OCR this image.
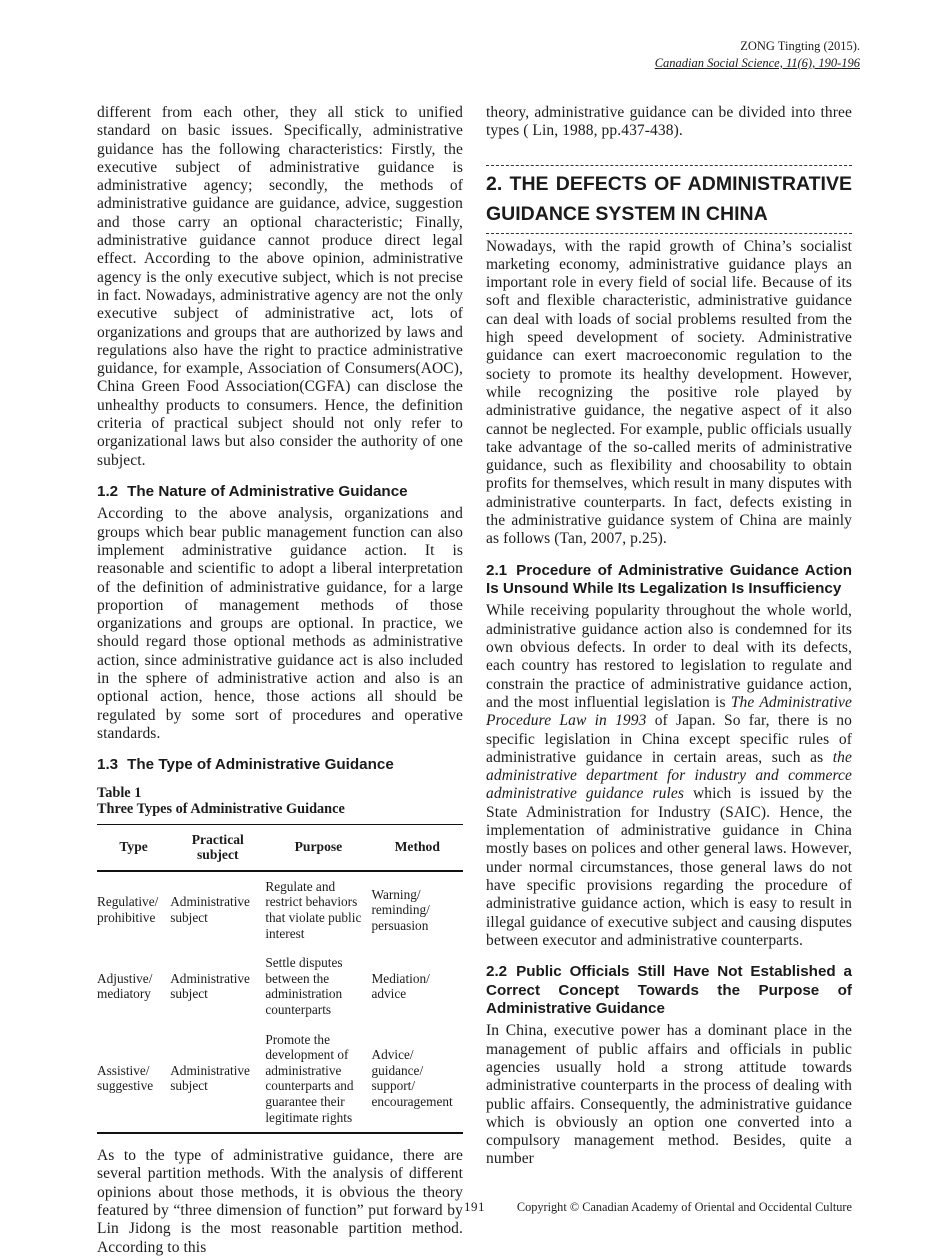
ZONG Tingting (2015).
Canadian Social Science, 11(6), 190-196

different from each other, they all stick to unified standard on basic issues. Specifically, administrative guidance has the following characteristics: Firstly, the executive subject of administrative guidance is administrative agency; secondly, the methods of administrative guidance are guidance, advice, suggestion and those carry an optional characteristic; Finally, administrative guidance cannot produce direct legal effect. According to the above opinion, administrative agency is the only executive subject, which is not precise in fact. Nowadays, administrative agency are not the only executive subject of administrative act, lots of organizations and groups that are authorized by laws and regulations also have the right to practice administrative guidance, for example, Association of Consumers(AOC), China Green Food Association(CGFA) can disclose the unhealthy products to consumers. Hence, the definition criteria of practical subject should not only refer to organizational laws but also consider the authority of one subject.

1.2 The Nature of Administrative Guidance

According to the above analysis, organizations and groups which bear public management function can also implement administrative guidance action. It is reasonable and scientific to adopt a liberal interpretation of the definition of administrative guidance, for a large proportion of management methods of those organizations and groups are optional. In practice, we should regard those optional methods as administrative action, since administrative guidance act is also included in the sphere of administrative action and also is an optional action, hence, those actions all should be regulated by some sort of procedures and operative standards.

1.3 The Type of Administrative Guidance
Table 1
Three Types of Administrative Guidance
Type	Practical subject	Purpose	Method
Regulative/ prohibitive	Administrative subject	Regulate and restrict behaviors that violate public interest	Warning/ reminding/ persuasion
Adjustive/ mediatory	Administrative subject	Settle disputes between the administration counterparts	Mediation/ advice
Assistive/ suggestive	Administrative subject	Promote the development of administrative counterparts and guarantee their legitimate rights	Advice/ guidance/ support/ encouragement

As to the type of administrative guidance, there are several partition methods. With the analysis of different opinions about those methods, it is obvious the theory featured by “three dimension of function” put forward by Lin Jidong is the most reasonable partition method. According to this

theory, administrative guidance can be divided into three types ( Lin, 1988, pp.437-438).

2. THE DEFECTS OF ADMINISTRATIVE
GUIDANCE SYSTEM IN CHINA

Nowadays, with the rapid growth of China’s socialist marketing economy, administrative guidance plays an important role in every field of social life. Because of its soft and flexible characteristic, administrative guidance can deal with loads of social problems resulted from the high speed development of society. Administrative guidance can exert macroeconomic regulation to the society to promote its healthy development. However, while recognizing the positive role played by administrative guidance, the negative aspect of it also cannot be neglected. For example, public officials usually take advantage of the so-called merits of administrative guidance, such as flexibility and choosability to obtain profits for themselves, which result in many disputes with administrative counterparts. In fact, defects existing in the administrative guidance system of China are mainly as follows (Tan, 2007, p.25).

2.1 Procedure of Administrative Guidance Action Is Unsound While Its Legalization Is Insufficiency

While receiving popularity throughout the whole world, administrative guidance action also is condemned for its own obvious defects. In order to deal with its defects, each country has restored to legislation to regulate and constrain the practice of administrative guidance action, and the most influential legislation is The Administrative Procedure Law in 1993 of Japan. So far, there is no specific legislation in China except specific rules of administrative guidance in certain areas, such as the administrative department for industry and commerce administrative guidance rules which is issued by the State Administration for Industry (SAIC). Hence, the implementation of administrative guidance in China mostly bases on polices and other general laws. However, under normal circumstances, those general laws do not have specific provisions regarding the procedure of administrative guidance action, which is easy to result in illegal guidance of executive subject and causing disputes between executor and administrative counterparts.

2.2 Public Officials Still Have Not Established a Correct Concept Towards the Purpose of Administrative Guidance

In China, executive power has a dominant place in the management of public affairs and officials in public agencies usually hold a strong attitude towards administrative counterparts in the process of dealing with public affairs. Consequently, the administrative guidance which is obviously an option one converted into a compulsory management method. Besides, quite a number

191	Copyright © Canadian Academy of Oriental and Occidental Culture
